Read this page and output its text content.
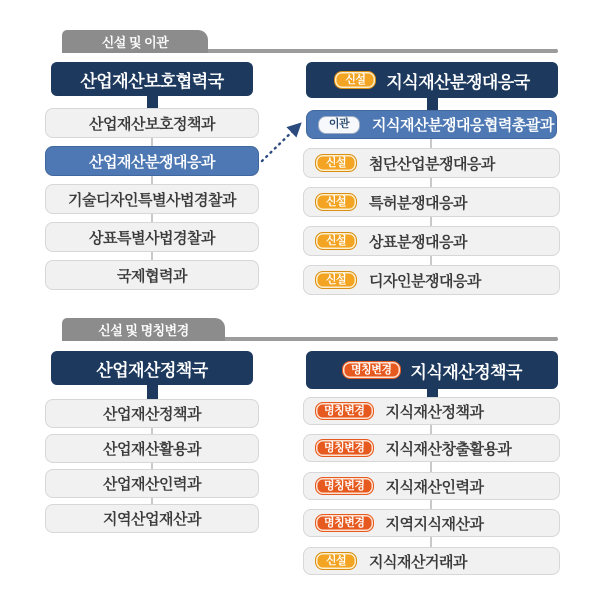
신설 및 이관
산업재산보호협력국
산업재산보호정책과
산업재산분쟁대응과
기술디자인특별사법경찰과
상표특별사법경찰과
국제협력과
신설	지식재산분쟁대응국
이관	지식재산분쟁대응협력총괄과
신설	첨단산업분쟁대응과
신설	특허분쟁대응과
신설	상표분쟁대응과
신설	디자인분쟁대응과
신설 및 명칭변경
산업재산정책국
산업재산정책과
산업재산활용과
산업재산인력과
지역산업재산과
명칭변경	지식재산정책국
명칭변경	지식재산정책과
명칭변경	지식재산창출활용과
명칭변경	지식재산인력과
명칭변경	지역지식재산과
신설	지식재산거래과
